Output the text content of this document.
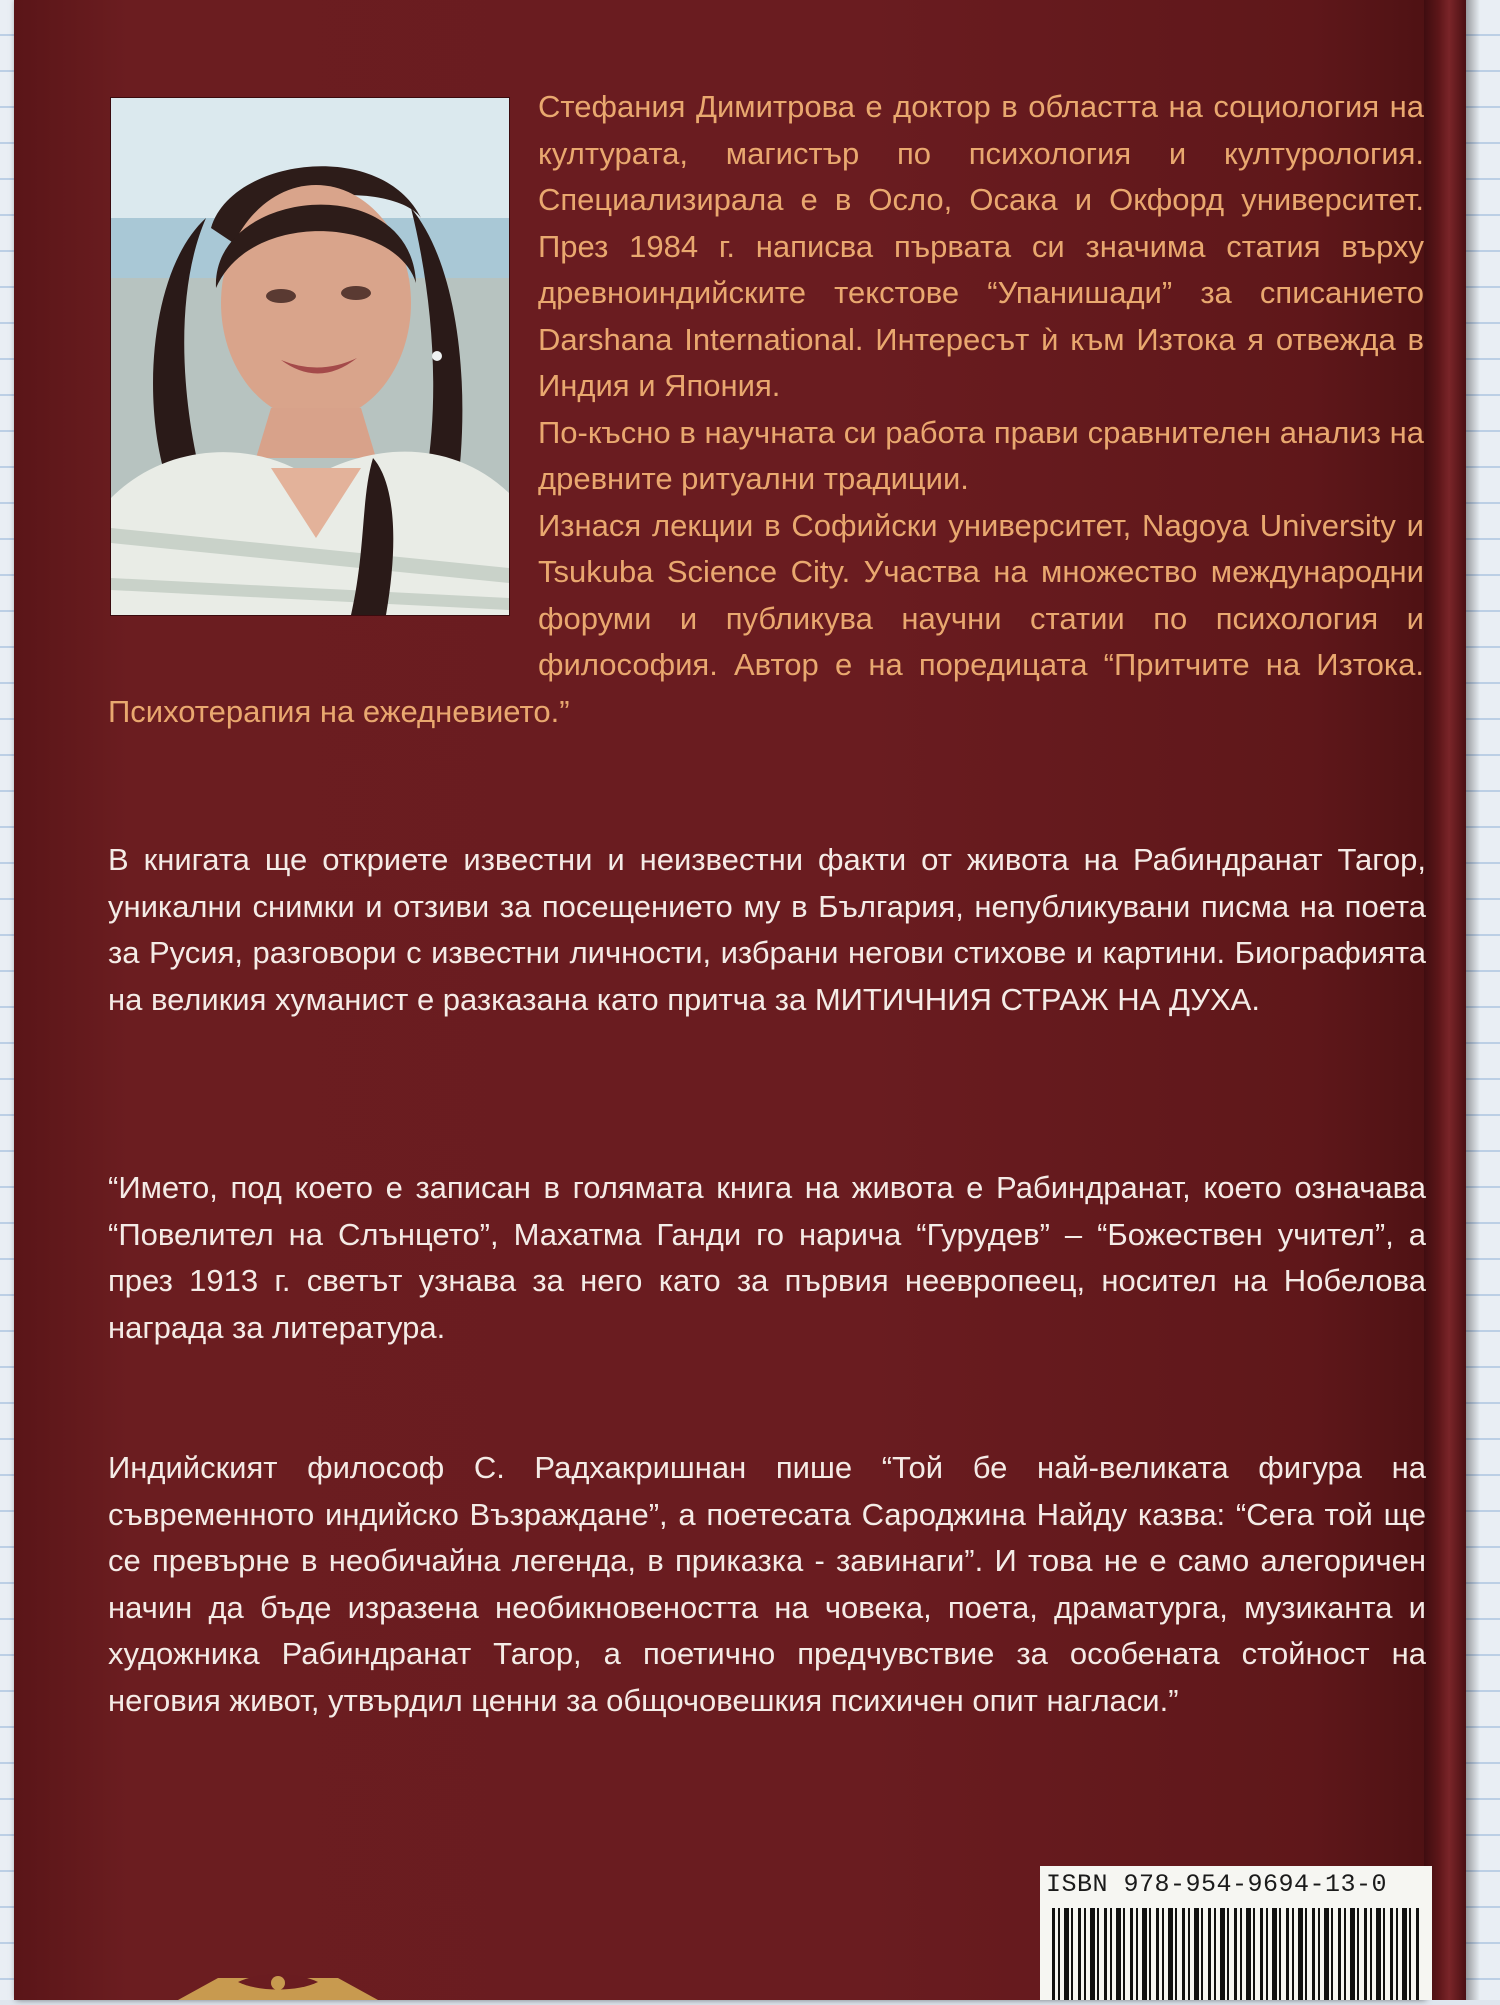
Стефания Димитрова е доктор в областта на социология на културата, магистър по психология и културология. Специализирала е в Осло, Осака и Окфорд университет. През 1984 г. написва първата си значима статия върху древноиндийските текстове “Упанишади” за списанието Darshana International. Интересът ѝ към Изтока я отвежда в Индия и Япония.

По-късно в научната си работа прави сравнителен анализ на древните ритуални традиции.

Изнася лекции в Софийски университет, Nagoya University и Tsukuba Science City. Участва на множество международни форуми и публикува научни статии по психология и философия. Автор е на поредицата “Притчите на Изтока. Психотерапия на ежедневието.”

В книгата ще откриете известни и неизвестни факти от живота на Рабиндранат Тагор, уникални снимки и отзиви за посещението му в България, непубликувани писма на поета за Русия, разговори с известни личности, избрани негови стихове и картини. Биографията на великия хуманист е разказана като притча за МИТИЧНИЯ СТРАЖ НА ДУХА.

“Името, под което е записан в голямата книга на живота е Рабиндранат, което означава “Повелител на Слънцето”, Махатма Ганди го нарича “Гурудев” – “Божествен учител”, а през 1913 г. светът узнава за него като за първия неевропеец, носител на Нобелова награда за литература.

Индийският философ С. Радхакришнан пише “Той бе най-великата фигура на съвременното индийско Възраждане”, а поетесата Сароджина Найду казва: “Сега той ще се превърне в необичайна легенда, в приказка - завинаги”. И това не е само алегоричен начин да бъде изразена необикновеността на човека, поета, драматурга, музиканта и художника Рабиндранат Тагор, а поетично предчувствие за особената стойност на неговия живот, утвърдил ценни за общочовешкия психичен опит нагласи.”

ISBN 978-954-9694-13-0
